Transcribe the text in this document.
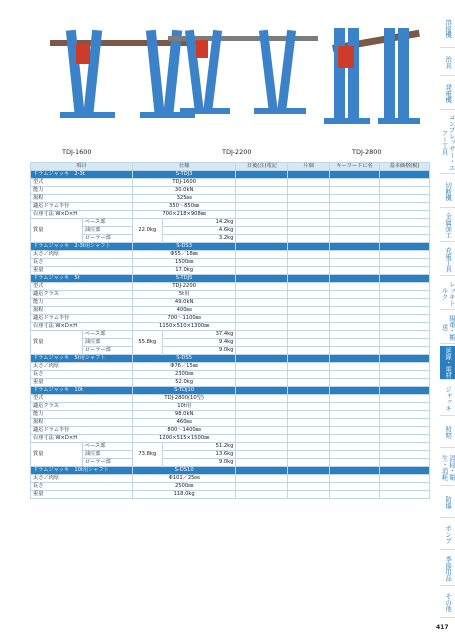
TDJ-1600	TDJ-2200	TDJ-2800
項目		仕様		日後(注)電記	片個	キーワードに名	基本価格(税)
ドラムジャッキ　2-3t		S-TDJ3					
型式		TDJ-1600					
能力		30.0kN					
揚程		325㎜					
適応ドラム半径		350〜850㎜					
台座寸法 W×D×H		700×218×908㎜					
質量	ベース部	22.0kg	14.2kg				
	油圧部		4.6kg				
	ローラー部		3.2kg				
ドラムジャッキ　2-3t用シャフト		S-DS3					
太さ／肉厚		Φ55／18㎜					
長さ		1500㎜					
重量		17.0kg					
ドラムジャッキ　5t		S-TDJ5					
型式		TDJ-2200					
適応クラス		5t用					
能力		49.0kN					
揚程		400㎜					
適応ドラム半径		700〜1100㎜					
台座寸法 W×D×H		1150×510×1300㎜					
質量	ベース部	55.8kg	37.4kg				
	油圧部		9.4kg				
	ローラー部		9.0kg				
ドラムジャッキ　5t用シャフト		S-DS5					
太さ／肉厚		Φ76／15㎜					
長さ		2300㎜					
重量		52.0kg					
ドラムジャッキ　10t		S-TDJ10					
型式		TDJ-2800(10型)					
適応クラス		10t用					
能力		98.0kN					
揚程		460㎜					
適応ドラム半径		800〜1400㎜					
台座寸法 W×D×H		1200×515×1500㎜					
質量	ベース部	73.8kg	51.2kg				
	油圧部		13.6kg				
	ローラー部		9.0kg				
ドラムジャッキ　10t用シャフト		S-DS10					
太さ／肉厚		Φ101／25㎜					
長さ		2500㎜					
重量		118.0kg					
溶接機
治具
発電機
コンプレッサー・エアー工具
切断機
金属加工
充電工具
レッキトルク
揚重・搬送
延線・電材
ジャッキ
照明
清掃・衛生・消耗
防爆
ポンプ
季節用品
その他
417
